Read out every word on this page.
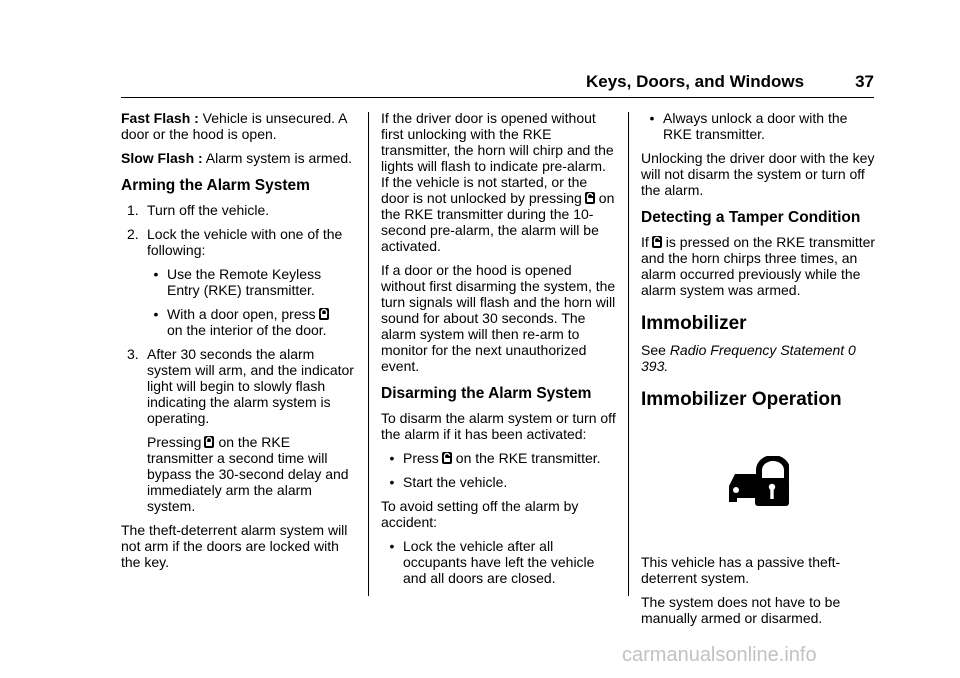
Keys, Doors, and Windows	37

Fast Flash : Vehicle is unsecured. A door or the hood is open.

Slow Flash : Alarm system is armed.

Arming the Alarm System
1. Turn off the vehicle.
2. Lock the vehicle with one of the following:
• Use the Remote Keyless Entry (RKE) transmitter.
• With a door open, press
on the interior of the door.
3. After 30 seconds the alarm system will arm, and the indicator light will begin to slowly flash indicating the alarm system is operating.

Pressing on the RKE transmitter a second time will bypass the 30-second delay and immediately arm the alarm system.

The theft-deterrent alarm system will not arm if the doors are locked with the key.

If the driver door is opened without first unlocking with the RKE transmitter, the horn will chirp and the lights will flash to indicate pre-alarm. If the vehicle is not started, or the door is not unlocked by pressing on the RKE transmitter during the 10-second pre-alarm, the alarm will be activated.

If a door or the hood is opened without first disarming the system, the turn signals will flash and the horn will sound for about 30 seconds. The alarm system will then re-arm to monitor for the next unauthorized event.

Disarming the Alarm System

To disarm the alarm system or turn off the alarm if it has been activated:

• Press on the RKE transmitter.
• Start the vehicle.

To avoid setting off the alarm by accident:

• Lock the vehicle after all occupants have left the vehicle and all doors are closed.
• Always unlock a door with the RKE transmitter.

Unlocking the driver door with the key will not disarm the system or turn off the alarm.

Detecting a Tamper Condition

If is pressed on the RKE transmitter and the horn chirps three times, an alarm occurred previously while the alarm system was armed.

Immobilizer

See Radio Frequency Statement 0 393.

Immobilizer Operation

This vehicle has a passive theft-deterrent system.

The system does not have to be manually armed or disarmed.

carmanualsonline.info
